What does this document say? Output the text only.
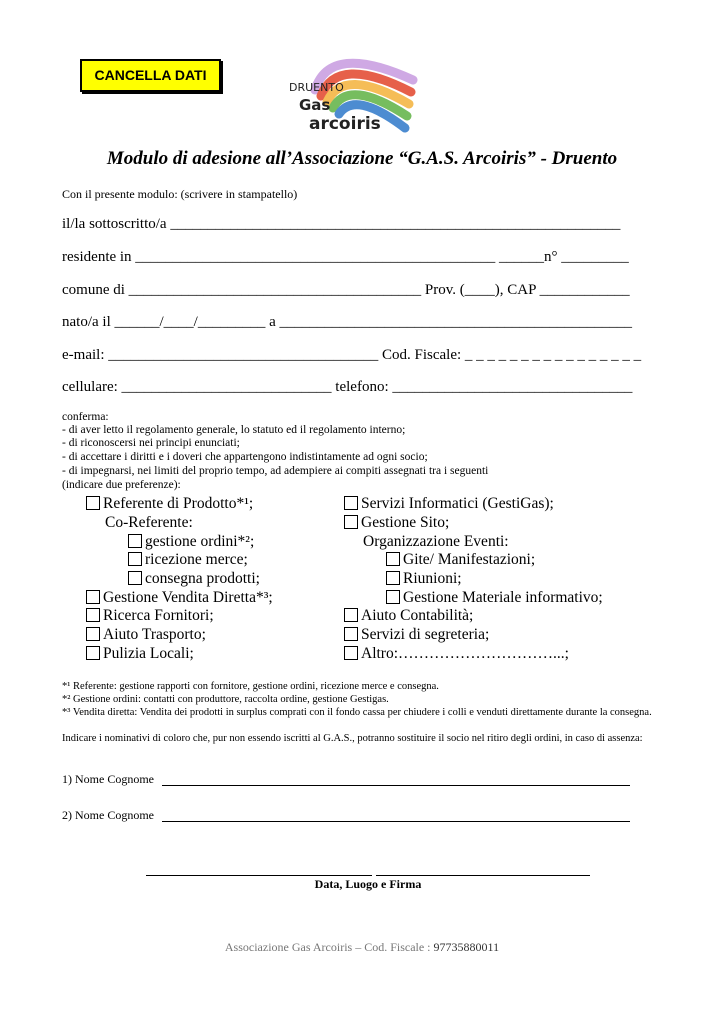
CANCELLA DATI
DRUENTO
Gas
arcoiris
Modulo di adesione all’Associazione “G.A.S. Arcoiris” - Druento
Con il presente modulo: (scrivere in stampatello)
il/la sottoscritto/a ____________________________________________________________
residente in ________________________________________________ ______n° _________
comune di _______________________________________ Prov. (____), CAP ____________
nato/a il ______/____/_________ a _______________________________________________
e-mail: ____________________________________ Cod. Fiscale: _ _ _ _ _ _ _ _ _ _ _ _ _ _ _ _
cellulare: ____________________________ telefono: ________________________________
conferma:
- di aver letto il regolamento generale, lo statuto ed il regolamento interno;
- di riconoscersi nei principi enunciati;
- di accettare i diritti e i doveri che appartengono indistintamente ad ogni socio;
- di impegnarsi, nei limiti del proprio tempo, ad adempiere ai compiti assegnati tra i seguenti
(indicare due preferenze):
Referente di Prodotto*¹;
Co-Referente:
gestione ordini*²;
ricezione merce;
consegna prodotti;
Gestione Vendita Diretta*³;
Ricerca Fornitori;
Aiuto Trasporto;
Pulizia Locali;
Servizi Informatici (GestiGas);
Gestione Sito;
Organizzazione Eventi:
Gite/ Manifestazioni;
Riunioni;
Gestione Materiale informativo;
Aiuto Contabilità;
Servizi di segreteria;
Altro:…………………………...;
*¹ Referente: gestione rapporti con fornitore, gestione ordini, ricezione merce e consegna.
*² Gestione ordini: contatti con produttore, raccolta ordine, gestione Gestigas.
*³ Vendita diretta: Vendita dei prodotti in surplus comprati con il fondo cassa per chiudere i colli e venduti direttamente durante la consegna.
Indicare i nominativi di coloro che, pur non essendo iscritti al G.A.S., potranno sostituire il socio nel ritiro degli ordini, in caso di assenza:
1) Nome Cognome
2) Nome Cognome
Data, Luogo e Firma
Associazione Gas Arcoiris – Cod. Fiscale : 97735880011
